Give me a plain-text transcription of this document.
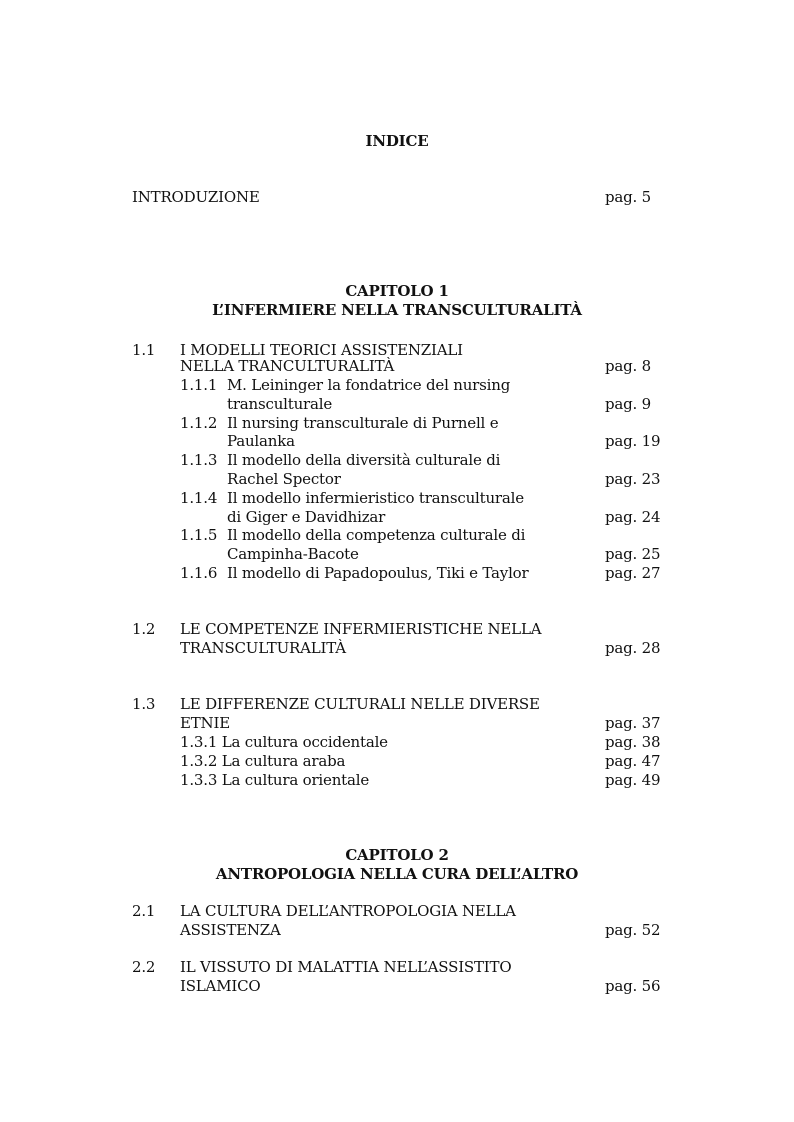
INDICE
INTRODUZIONE	pag. 5
CAPITOLO 1
L’INFERMIERE NELLA TRANSCULTURALITÀ
1.1 I MODELLI TEORICI ASSISTENZIALI
NELLA TRANCULTURALITÀ	pag. 8
1.1.1 M. Leininger la fondatrice del nursing
transculturale	pag. 9
1.1.2 Il nursing transculturale di Purnell e
Paulanka	pag. 19
1.1.3 Il modello della diversità culturale di
Rachel Spector	pag. 23
1.1.4 Il modello infermieristico transculturale
di Giger e Davidhizar	pag. 24
1.1.5 Il modello della competenza culturale di
Campinha-Bacote	pag. 25
1.1.6 Il modello di Papadopoulus, Tiki e Taylor	pag. 27
1.2 LE COMPETENZE INFERMIERISTICHE NELLA
TRANSCULTURALITÀ	pag. 28
1.3 LE DIFFERENZE CULTURALI NELLE DIVERSE
ETNIE	pag. 37
1.3.1 La cultura occidentale	pag. 38
1.3.2 La cultura araba	pag. 47
1.3.3 La cultura orientale	pag. 49
CAPITOLO 2
ANTROPOLOGIA NELLA CURA DELL’ALTRO
2.1 LA CULTURA DELL’ANTROPOLOGIA NELLA
ASSISTENZA	pag. 52
2.2 IL VISSUTO DI MALATTIA NELL’ASSISTITO
ISLAMICO	pag. 56
